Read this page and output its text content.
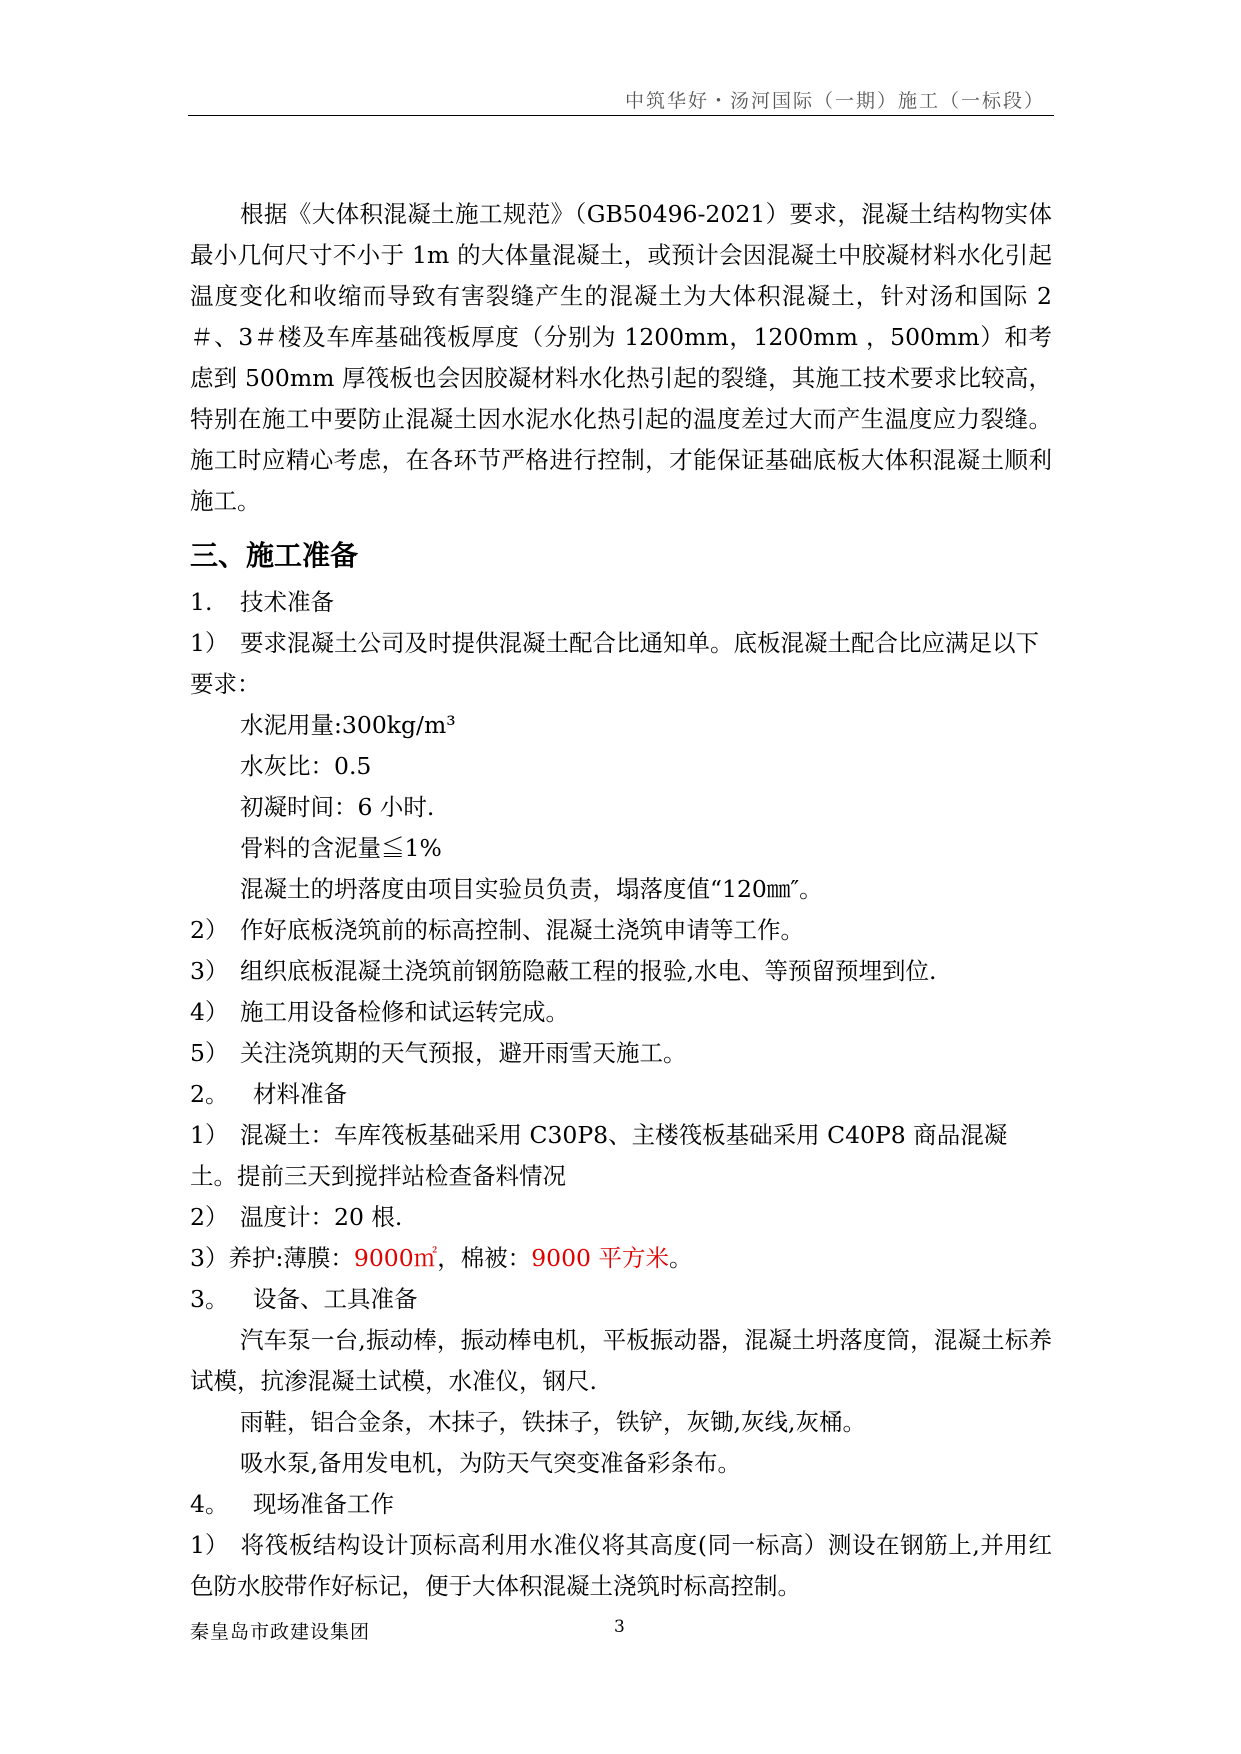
中筑华好・汤河国际（一期）施工（一标段）

根据《大体积混凝土施工规范》（GB50496-2021）要求，混凝土结构物实体最小几何尺寸不小于 1m 的大体量混凝土，或预计会因混凝土中胶凝材料水化引起温度变化和收缩而导致有害裂缝产生的混凝土为大体积混凝土，针对汤和国际 2＃、3＃楼及车库基础筏板厚度（分别为 1200mm，1200mm ，500mm）和考虑到 500mm 厚筏板也会因胶凝材料水化热引起的裂缝，其施工技术要求比较高，特别在施工中要防止混凝土因水泥水化热引起的温度差过大而产生温度应力裂缝。施工时应精心考虑，在各环节严格进行控制，才能保证基础底板大体积混凝土顺利施工。

三、施工准备

1. 技术准备

1） 要求混凝土公司及时提供混凝土配合比通知单。底板混凝土配合比应满足以下要求：

水泥用量:300kg/m³

水灰比：0.5

初凝时间：6 小时.

骨料的含泥量≦1%

混凝土的坍落度由项目实验员负责，塌落度值“120㎜″。

2） 作好底板浇筑前的标高控制、混凝土浇筑申请等工作。

3） 组织底板混凝土浇筑前钢筋隐蔽工程的报验,水电、等预留预埋到位.

4） 施工用设备检修和试运转完成。

5） 关注浇筑期的天气预报，避开雨雪天施工。

2。 材料准备

1） 混凝土：车库筏板基础采用 C30P8、主楼筏板基础采用 C40P8 商品混凝土。提前三天到搅拌站检查备料情况

2） 温度计：20 根.

3）养护:薄膜：9000㎡，棉被：9000 平方米。

3。 设备、工具准备

汽车泵一台,振动棒，振动棒电机，平板振动器，混凝土坍落度筒，混凝土标养试模，抗渗混凝土试模，水准仪，钢尺.

雨鞋，铝合金条，木抹子，铁抹子，铁铲，灰锄,灰线,灰桶。

吸水泵,备用发电机，为防天气突变准备彩条布。

4。 现场准备工作

1） 将筏板结构设计顶标高利用水准仪将其高度(同一标高）测设在钢筋上,并用红色防水胶带作好标记，便于大体积混凝土浇筑时标高控制。

秦皇岛市政建设集团	3
